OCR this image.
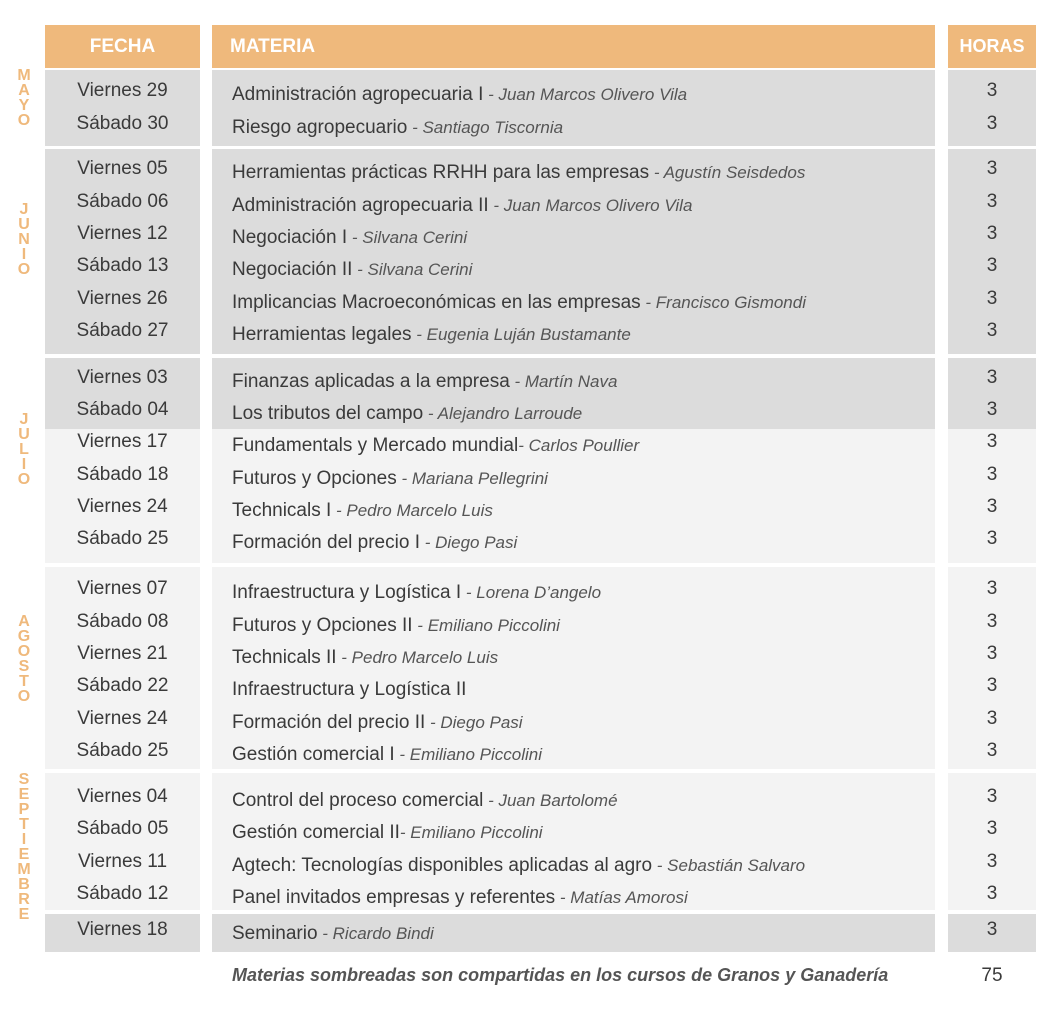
FECHA	MATERIA	HORAS
Viernes 29	Administración agropecuaria I - Juan Marcos Olivero Vila	3
Sábado 30	Riesgo agropecuario - Santiago Tiscornia	3
Viernes 05	Herramientas prácticas RRHH para las empresas - Agustín Seisdedos	3
Sábado 06	Administración agropecuaria II - Juan Marcos Olivero Vila	3
Viernes 12	Negociación I - Silvana Cerini	3
Sábado 13	Negociación II - Silvana Cerini	3
Viernes 26	Implicancias Macroeconómicas en las empresas - Francisco Gismondi	3
Sábado 27	Herramientas legales - Eugenia Luján Bustamante	3
Viernes 03	Finanzas aplicadas a la empresa - Martín Nava	3
Sábado 04	Los tributos del campo - Alejandro Larroude	3
Viernes 17	Fundamentals y Mercado mundial- Carlos Poullier	3
Sábado 18	Futuros y Opciones - Mariana Pellegrini	3
Viernes 24	Technicals I - Pedro Marcelo Luis	3
Sábado 25	Formación del precio I - Diego Pasi	3
Viernes 07	Infraestructura y Logística I - Lorena D’angelo	3
Sábado 08	Futuros y Opciones II - Emiliano Piccolini	3
Viernes 21	Technicals II - Pedro Marcelo Luis	3
Sábado 22	Infraestructura y Logística II	3
Viernes 24	Formación del precio II - Diego Pasi	3
Sábado 25	Gestión comercial I - Emiliano Piccolini	3
Viernes 04	Control del proceso comercial - Juan Bartolomé	3
Sábado 05	Gestión comercial II- Emiliano Piccolini	3
Viernes 11	Agtech: Tecnologías disponibles aplicadas al agro - Sebastián Salvaro	3
Sábado 12	Panel invitados empresas y referentes - Matías Amorosi	3
Viernes 18	Seminario - Ricardo Bindi	3
M
A
Y
O
J
U
N
I
O
J
U
L
I
O
A
G
O
S
T
O
S
E
P
T
I
E
M
B
R
E
Materias sombreadas son compartidas en los cursos de Granos y Ganadería	75
